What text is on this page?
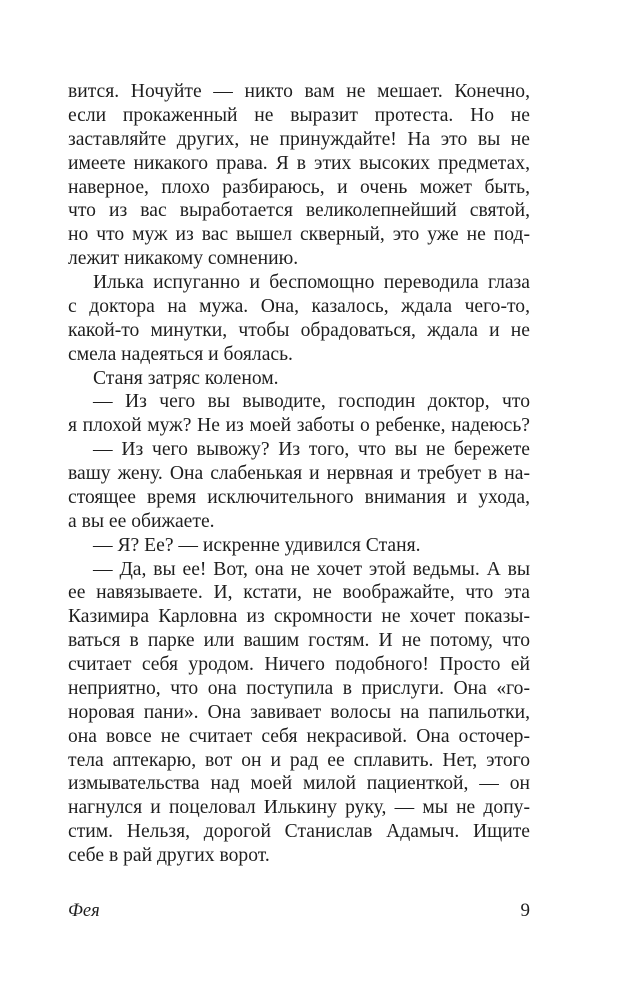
вится. Ночуйте — никто вам не мешает. Конечно,
если прокаженный не выразит протеста. Но не
заставляйте других, не принуждайте! На это вы не
имеете никакого права. Я в этих высоких предметах,
наверное, плохо разбираюсь, и очень может быть,
что из вас выработается великолепнейший святой,
но что муж из вас вышел скверный, это уже не под-
лежит никакому сомнению.
Илька испуганно и беспомощно переводила глаза
с доктора на мужа. Она, казалось, ждала чего-то,
какой-то минутки, чтобы обрадоваться, ждала и не
смела надеяться и боялась.
Станя затряс коленом.
— Из чего вы выводите, господин доктор, что
я плохой муж? Не из моей заботы о ребенке, надеюсь?
— Из чего вывожу? Из того, что вы не бережете
вашу жену. Она слабенькая и нервная и требует в на-
стоящее время исключительного внимания и ухода,
а вы ее обижаете.
— Я? Ее? — искренне удивился Станя.
— Да, вы ее! Вот, она не хочет этой ведьмы. А вы
ее навязываете. И, кстати, не воображайте, что эта
Казимира Карловна из скромности не хочет показы-
ваться в парке или вашим гостям. И не потому, что
считает себя уродом. Ничего подобного! Просто ей
неприятно, что она поступила в прислуги. Она «го-
норовая пани». Она завивает волосы на папильотки,
она вовсе не считает себя некрасивой. Она осточер-
тела аптекарю, вот он и рад ее сплавить. Нет, этого
измывательства над моей милой пациенткой, — он
нагнулся и поцеловал Илькину руку, — мы не допу-
стим. Нельзя, дорогой Станислав Адамыч. Ищите
себе в рай других ворот.
Фея	9
